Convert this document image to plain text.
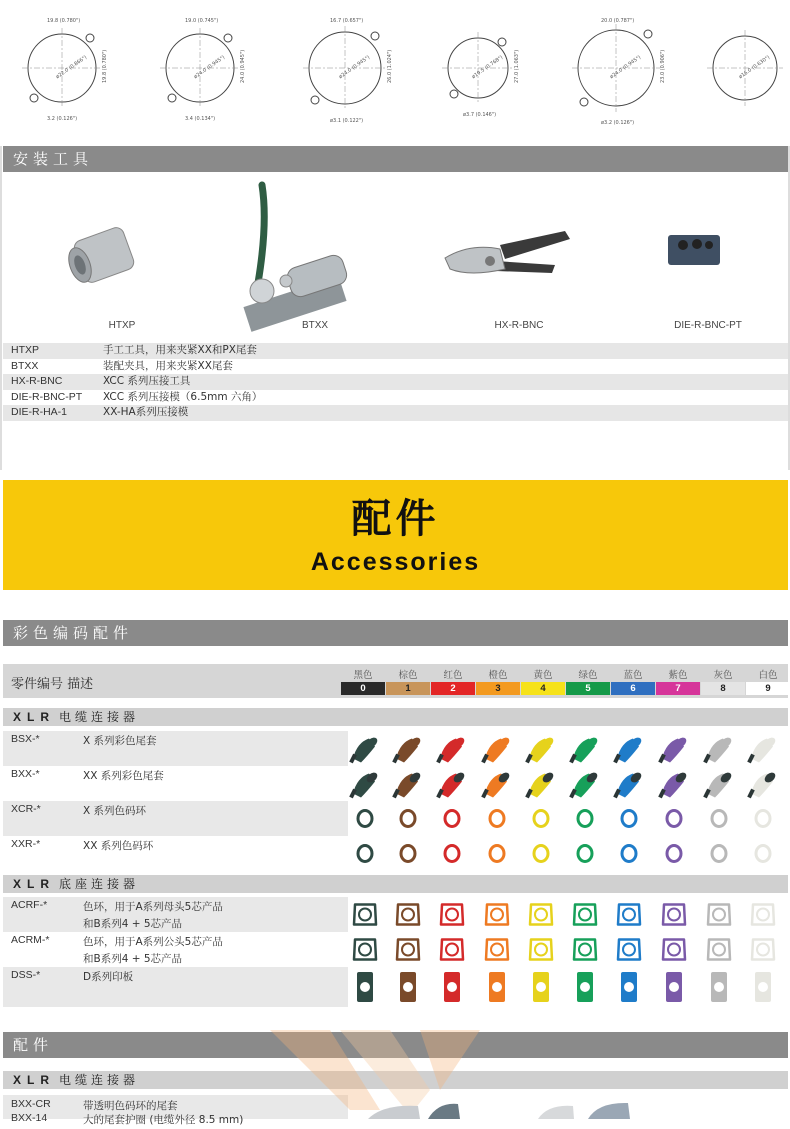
19.8 (0.780")
ø22.0 (0.866")	19.8 (0.780")
3.2 (0.126")
19.0 (0.745")
ø24.0 (0.945")	24.0 (0.945")
3.4 (0.134")
16.7 (0.657")
ø24.0 (0.945")	26.0 (1.024")
ø3.1 (0.122")
ø19.5 (0.768") 27.0 (1.063")
ø3.7 (0.146")
20.0 (0.787")
ø24.0 (0.945")	23.0 (0.906")
ø3.2 (0.126")
ø16.0 (0.630")
安装工具
HTXP	BTXX	HX-R-BNC	DIE-R-BNC-PT
HTXP	手工工具，用来夹紧XX和PX尾套
BTXX	装配夹具，用来夹紧XX尾套
HX-R-BNC	XCC 系列压接工具
DIE-R-BNC-PT	XCC 系列压接模（6.5mm 六角）
DIE-R-HA-1	XX-HA系列压接模
配件
Accessories
彩色编码配件
零件编号 描述
黑色
0
棕色
1
红色
2
橙色
3
黄色
4
绿色
5
蓝色
6
紫色
7
灰色
8
白色
9
XLR 电缆连接器
BSX-*	X 系列彩色尾套
BXX-*	XX 系列彩色尾套
XCR-*	X 系列色码环
XXR-*	XX 系列色码环
XLR 底座连接器
ACRF-*	色环，用于A系列母头5芯产品
和B系列4 + 5芯产品
ACRM-*	色环，用于A系列公头5芯产品
和B系列4 + 5芯产品
DSS-*	D系列印板
配件
XLR 电缆连接器
BXX-CR	带透明色码环的尾套
BXX-14	大的尾套护圈 (电缆外径 8.5 mm)
